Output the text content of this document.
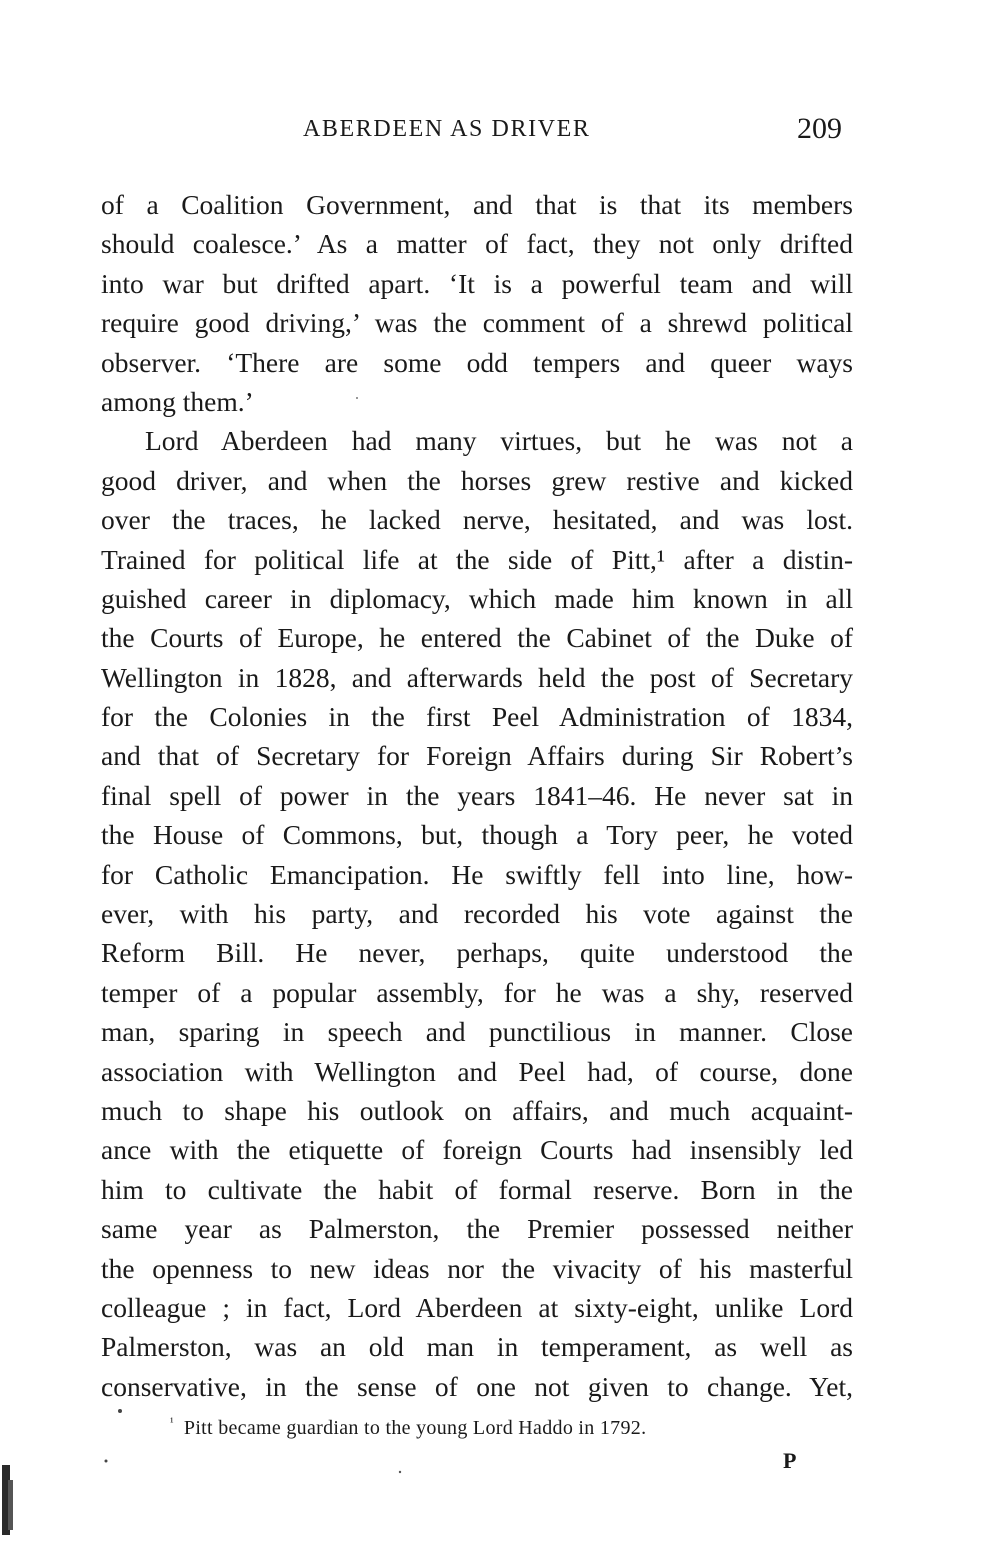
ABERDEEN AS DRIVER	209
of a Coalition Government, and that is that its members
should coalesce.’ As a matter of fact, they not only drifted
into war but drifted apart. ‘It is a powerful team and will
require good driving,’ was the comment of a shrewd political
observer. ‘There are some odd tempers and queer ways
among them.’
Lord Aberdeen had many virtues, but he was not a
good driver, and when the horses grew restive and kicked
over the traces, he lacked nerve, hesitated, and was lost.
Trained for political life at the side of Pitt,¹ after a distin-
guished career in diplomacy, which made him known in all
the Courts of Europe, he entered the Cabinet of the Duke of
Wellington in 1828, and afterwards held the post of Secretary
for the Colonies in the first Peel Administration of 1834,
and that of Secretary for Foreign Affairs during Sir Robert’s
final spell of power in the years 1841–46. He never sat in
the House of Commons, but, though a Tory peer, he voted
for Catholic Emancipation. He swiftly fell into line, how-
ever, with his party, and recorded his vote against the
Reform Bill. He never, perhaps, quite understood the
temper of a popular assembly, for he was a shy, reserved
man, sparing in speech and punctilious in manner. Close
association with Wellington and Peel had, of course, done
much to shape his outlook on affairs, and much acquaint-
ance with the etiquette of foreign Courts had insensibly led
him to cultivate the habit of formal reserve. Born in the
same year as Palmerston, the Premier possessed neither
the openness to new ideas nor the vivacity of his masterful
colleague ; in fact, Lord Aberdeen at sixty-eight, unlike Lord
Palmerston, was an old man in temperament, as well as
conservative, in the sense of one not given to change. Yet,
$^{^1}$ Pitt became guardian to the young Lord Haddo in 1792.
P
